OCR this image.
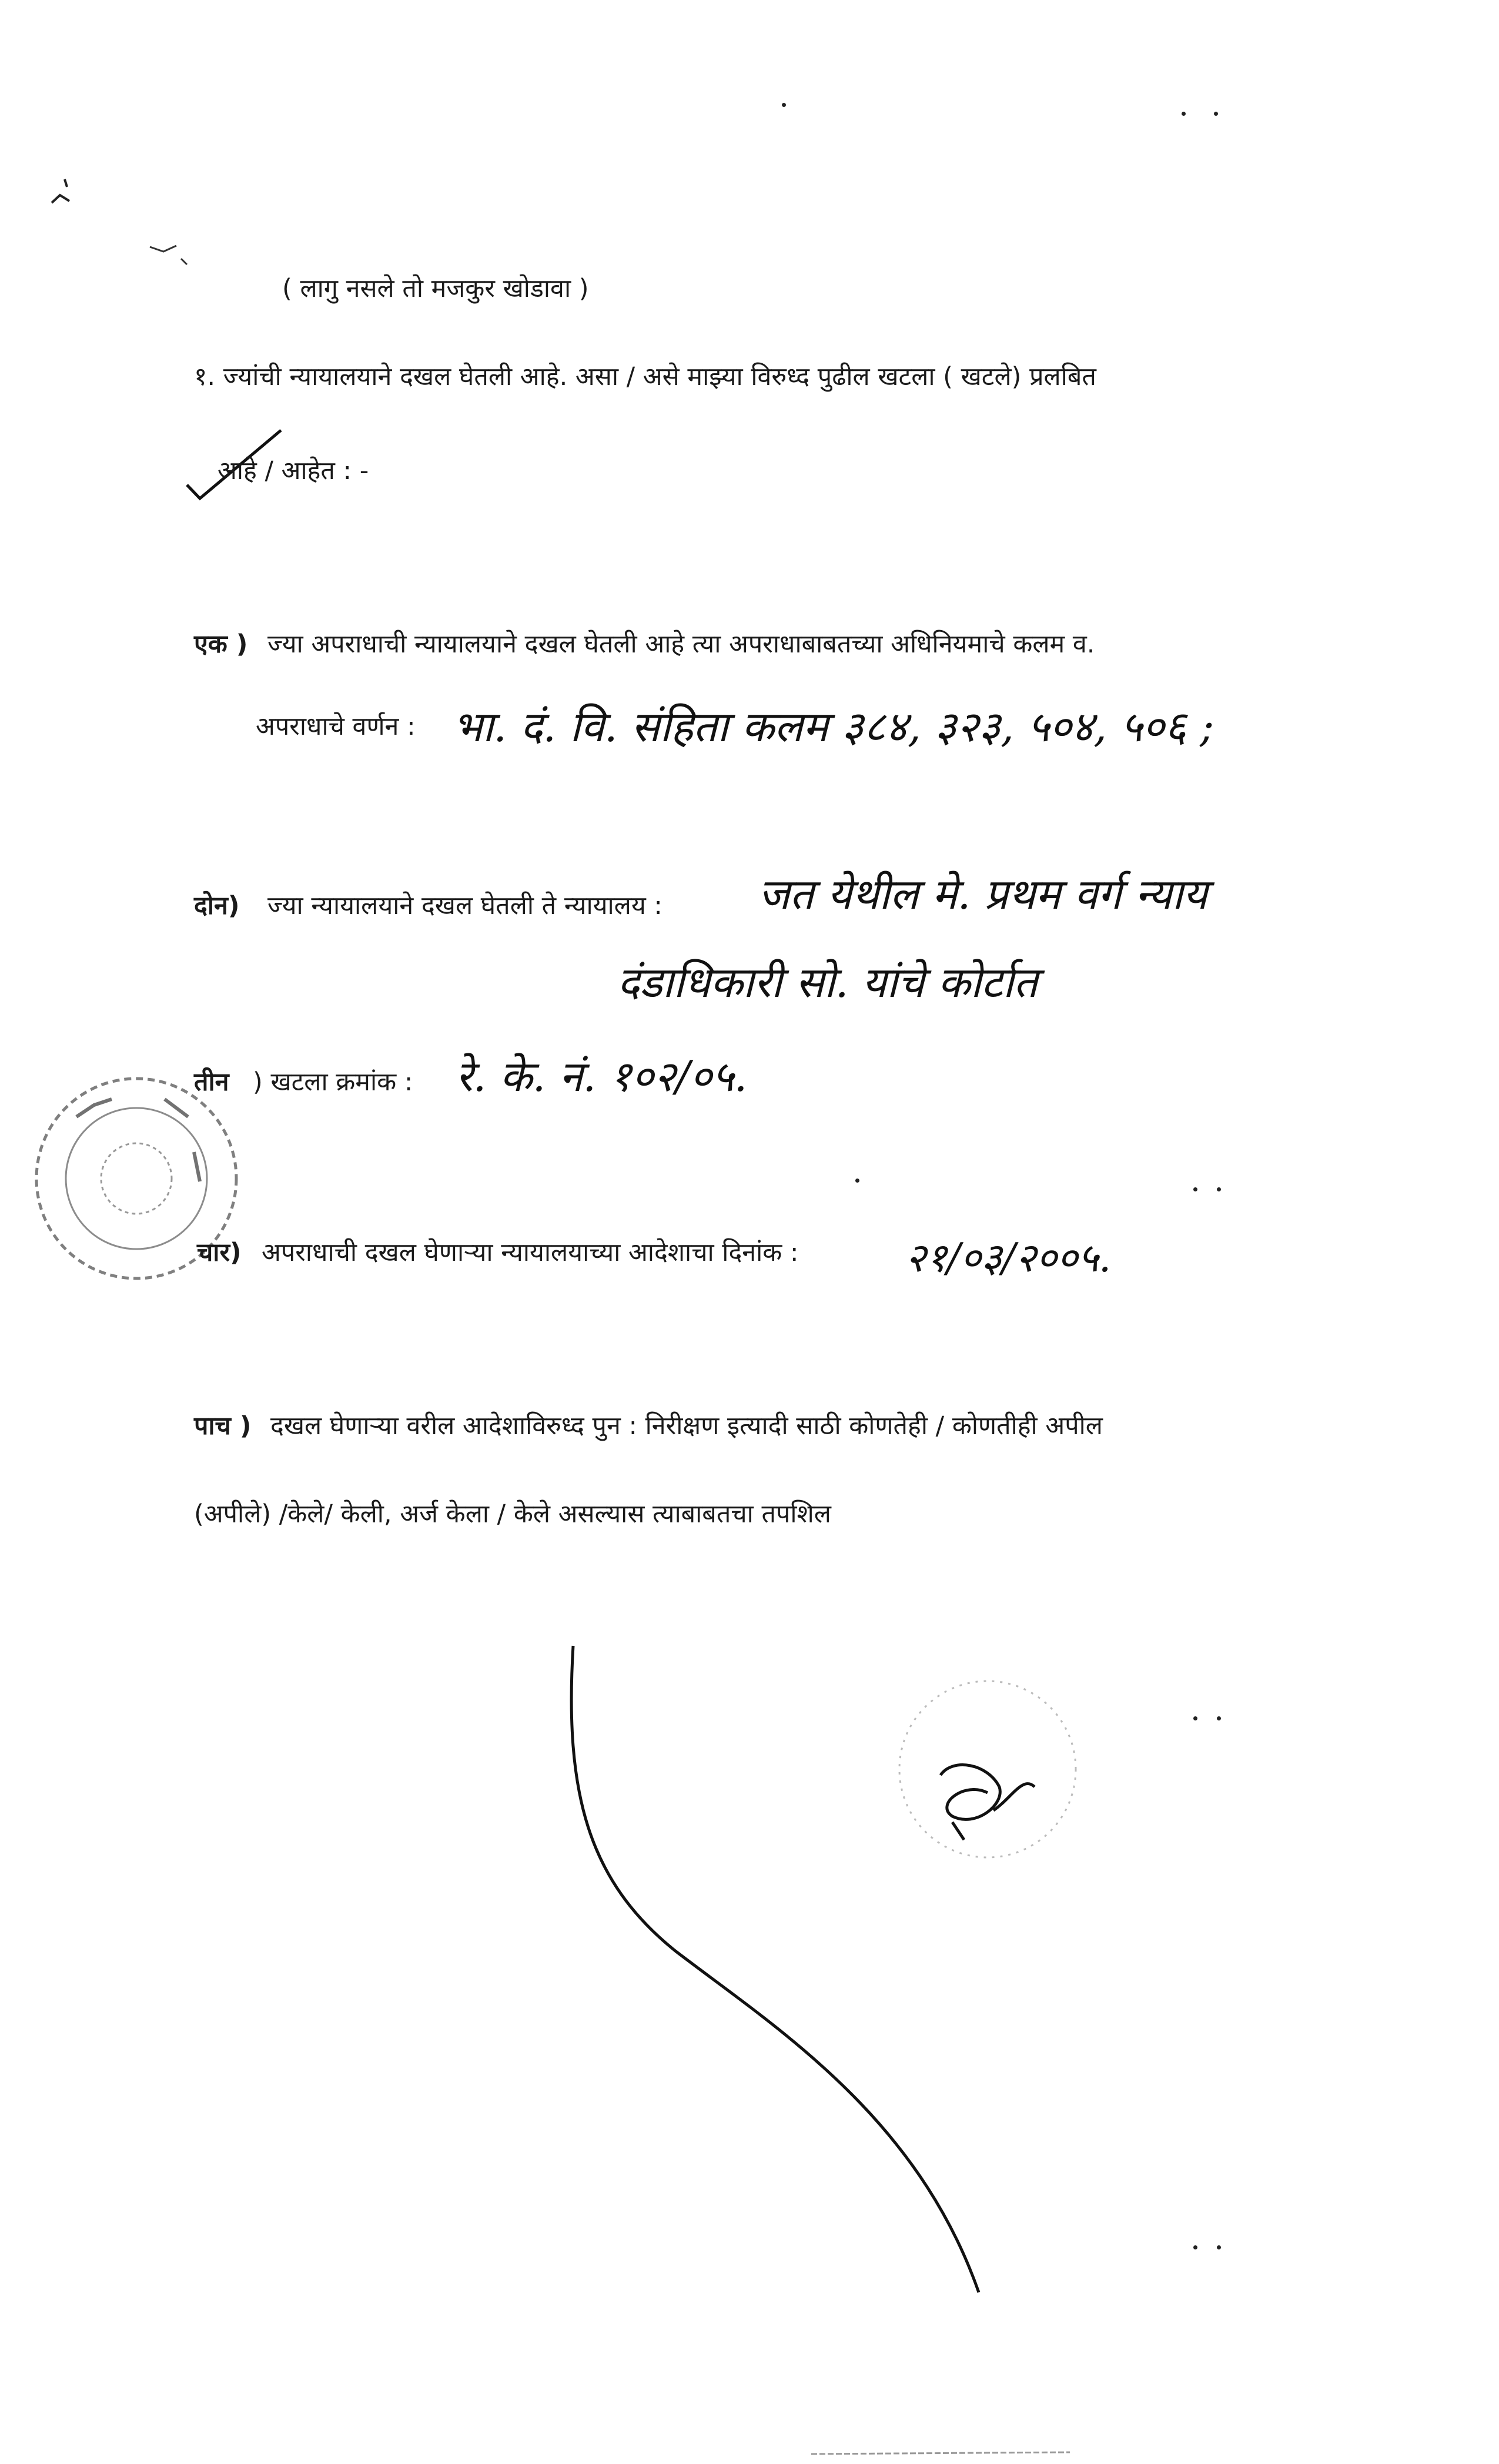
( लागु नसले तो मजकुर खोडावा )
१. ज्यांची न्यायालयाने दखल घेतली आहे. असा / असे माझ्या विरुध्द पुढील खटला ( खटले) प्रलबित
आहे / आहेत : -
एक ) ज्या अपराधाची न्यायालयाने दखल घेतली आहे त्या अपराधाबाबतच्या अधिनियमाचे कलम व.
अपराधाचे वर्णन : भा. दं. वि. संहिता कलम ३८४, ३२३, ५०४, ५०६ ;
दोन) ज्या न्यायालयाने दखल घेतली ते न्यायालय : जत येथील मे. प्रथम वर्ग न्याय
दंडाधिकारी सो. यांचे कोर्टात
तीन ) खटला क्रमांक : रे. के. नं. १०२/०५.
चार) अपराधाची दखल घेणाऱ्या न्यायालयाच्या आदेशाचा दिनांक :	२१/०३/२००५.
पाच ) दखल घेणाऱ्या वरील आदेशाविरुध्द पुन : निरीक्षण इत्यादी साठी कोणतेही / कोणतीही अपील
(अपीले) /केले/ केली, अर्ज केला / केले असल्यास त्याबाबतचा तपशिल
